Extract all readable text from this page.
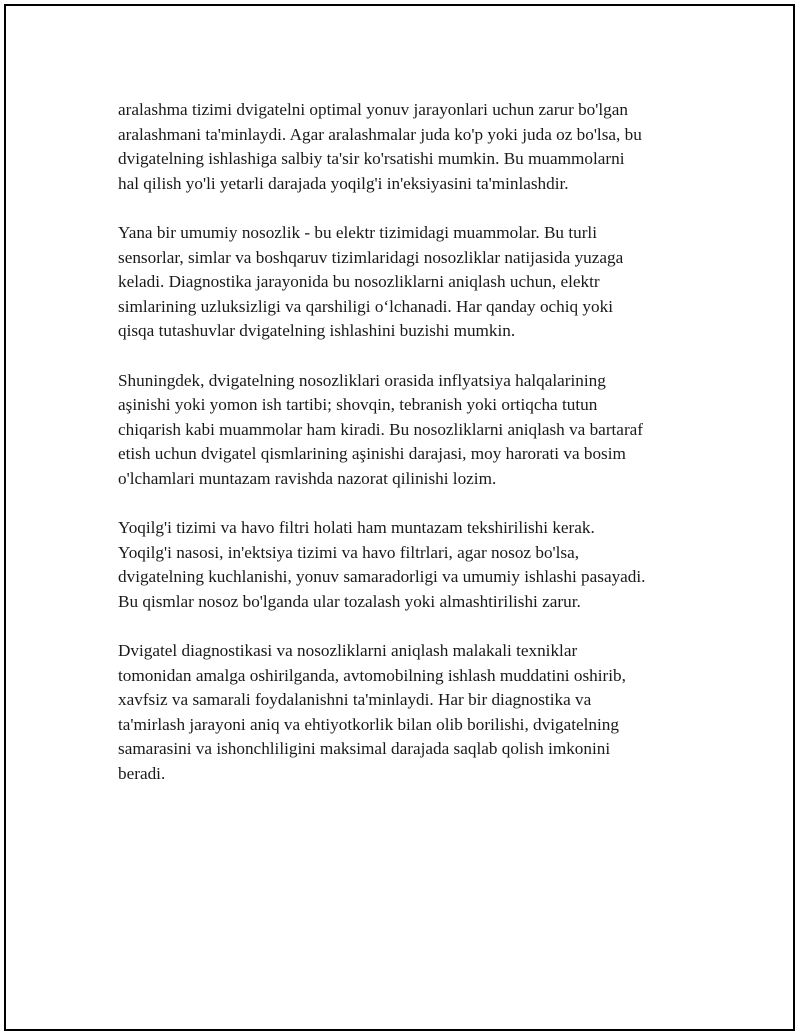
aralashma tizimi dvigatelni optimal yonuv jarayonlari uchun zarur bo'lgan
aralashmani ta'minlaydi. Agar aralashmalar juda ko'p yoki juda oz bo'lsa, bu
dvigatelning ishlashiga salbiy ta'sir ko'rsatishi mumkin. Bu muammolarni
hal qilish yo'li yetarli darajada yoqilg'i in'eksiyasini ta'minlashdir.

Yana bir umumiy nosozlik - bu elektr tizimidagi muammolar. Bu turli
sensorlar, simlar va boshqaruv tizimlaridagi nosozliklar natijasida yuzaga
keladi. Diagnostika jarayonida bu nosozliklarni aniqlash uchun, elektr
simlarining uzluksizligi va qarshiligi o‘lchanadi. Har qanday ochiq yoki
qisqa tutashuvlar dvigatelning ishlashini buzishi mumkin.

Shuningdek, dvigatelning nosozliklari orasida inflyatsiya halqalarining
aşinishi yoki yomon ish tartibi; shovqin, tebranish yoki ortiqcha tutun
chiqarish kabi muammolar ham kiradi. Bu nosozliklarni aniqlash va bartaraf
etish uchun dvigatel qismlarining aşinishi darajasi, moy harorati va bosim
o'lchamlari muntazam ravishda nazorat qilinishi lozim.

Yoqilg'i tizimi va havo filtri holati ham muntazam tekshirilishi kerak.
Yoqilg'i nasosi, in'ektsiya tizimi va havo filtrlari, agar nosoz bo'lsa,
dvigatelning kuchlanishi, yonuv samaradorligi va umumiy ishlashi pasayadi.
Bu qismlar nosoz bo'lganda ular tozalash yoki almashtirilishi zarur.

Dvigatel diagnostikasi va nosozliklarni aniqlash malakali texniklar
tomonidan amalga oshirilganda, avtomobilning ishlash muddatini oshirib,
xavfsiz va samarali foydalanishni ta'minlaydi. Har bir diagnostika va
ta'mirlash jarayoni aniq va ehtiyotkorlik bilan olib borilishi, dvigatelning
samarasini va ishonchliligini maksimal darajada saqlab qolish imkonini
beradi.
